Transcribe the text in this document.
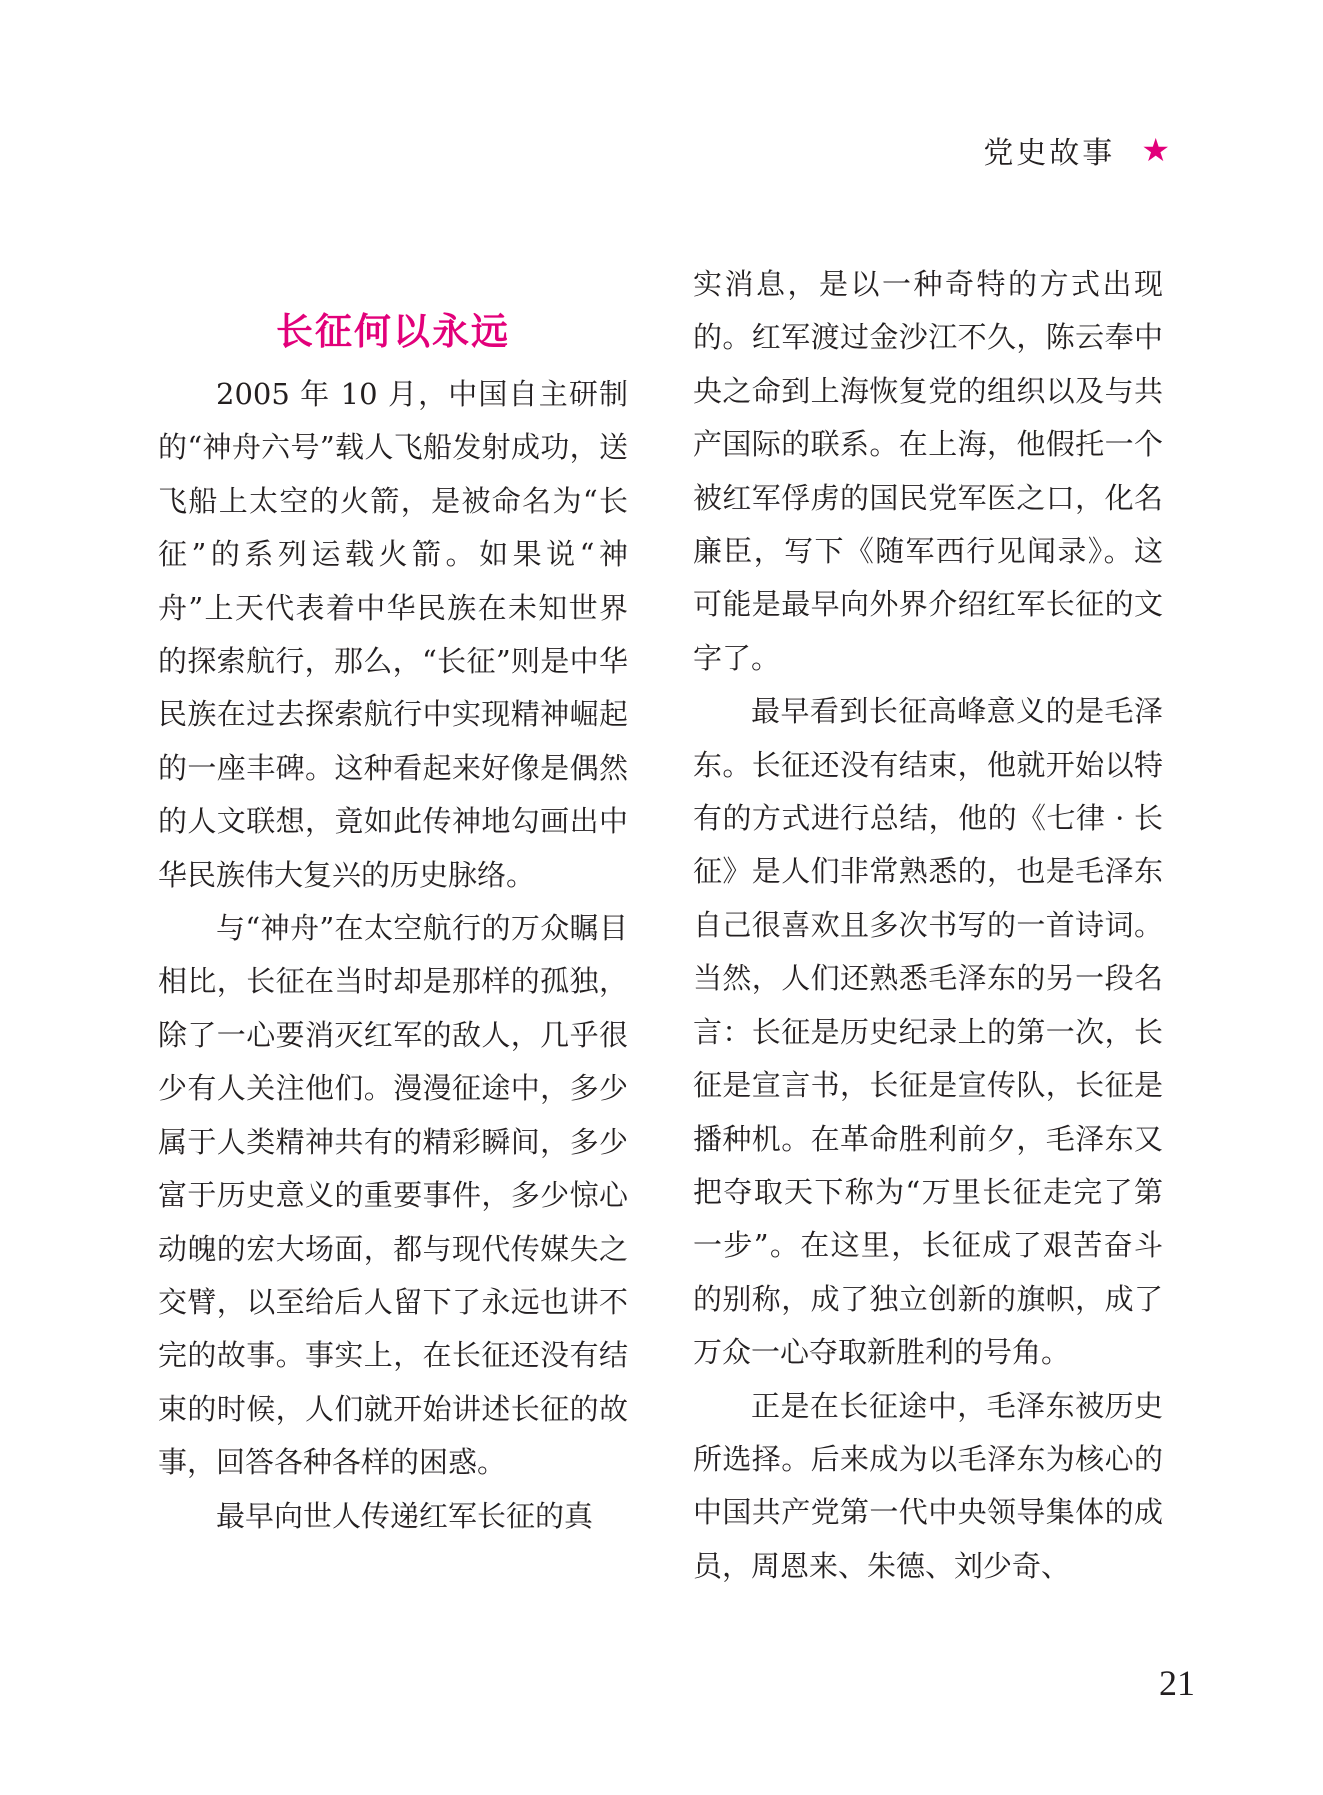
党史故事 ★
长征何以永远

2005 年 10 月，中国自主研制的“神舟六号”载人飞船发射成功，送飞船上太空的火箭，是被命名为“长征”的系列运载火箭。如果说“神舟”上天代表着中华民族在未知世界的探索航行，那么，“长征”则是中华民族在过去探索航行中实现精神崛起的一座丰碑。这种看起来好像是偶然的人文联想，竟如此传神地勾画出中华民族伟大复兴的历史脉络。

与“神舟”在太空航行的万众瞩目相比，长征在当时却是那样的孤独，除了一心要消灭红军的敌人，几乎很少有人关注他们。漫漫征途中，多少属于人类精神共有的精彩瞬间，多少富于历史意义的重要事件，多少惊心动魄的宏大场面，都与现代传媒失之交臂，以至给后人留下了永远也讲不完的故事。事实上，在长征还没有结束的时候，人们就开始讲述长征的故事，回答各种各样的困惑。

最早向世人传递红军长征的真

实消息，是以一种奇特的方式出现的。红军渡过金沙江不久，陈云奉中央之命到上海恢复党的组织以及与共产国际的联系。在上海，他假托一个被红军俘虏的国民党军医之口，化名廉臣，写下《随军西行见闻录》。这可能是最早向外界介绍红军长征的文字了。

最早看到长征高峰意义的是毛泽东。长征还没有结束，他就开始以特有的方式进行总结，他的《七律 · 长征》是人们非常熟悉的，也是毛泽东自己很喜欢且多次书写的一首诗词。当然，人们还熟悉毛泽东的另一段名言：长征是历史纪录上的第一次，长征是宣言书，长征是宣传队，长征是播种机。在革命胜利前夕，毛泽东又把夺取天下称为“万里长征走完了第一步”。在这里，长征成了艰苦奋斗的别称，成了独立创新的旗帜，成了万众一心夺取新胜利的号角。

正是在长征途中，毛泽东被历史所选择。后来成为以毛泽东为核心的中国共产党第一代中央领导集体的成员，周恩来、朱德、刘少奇、

21
